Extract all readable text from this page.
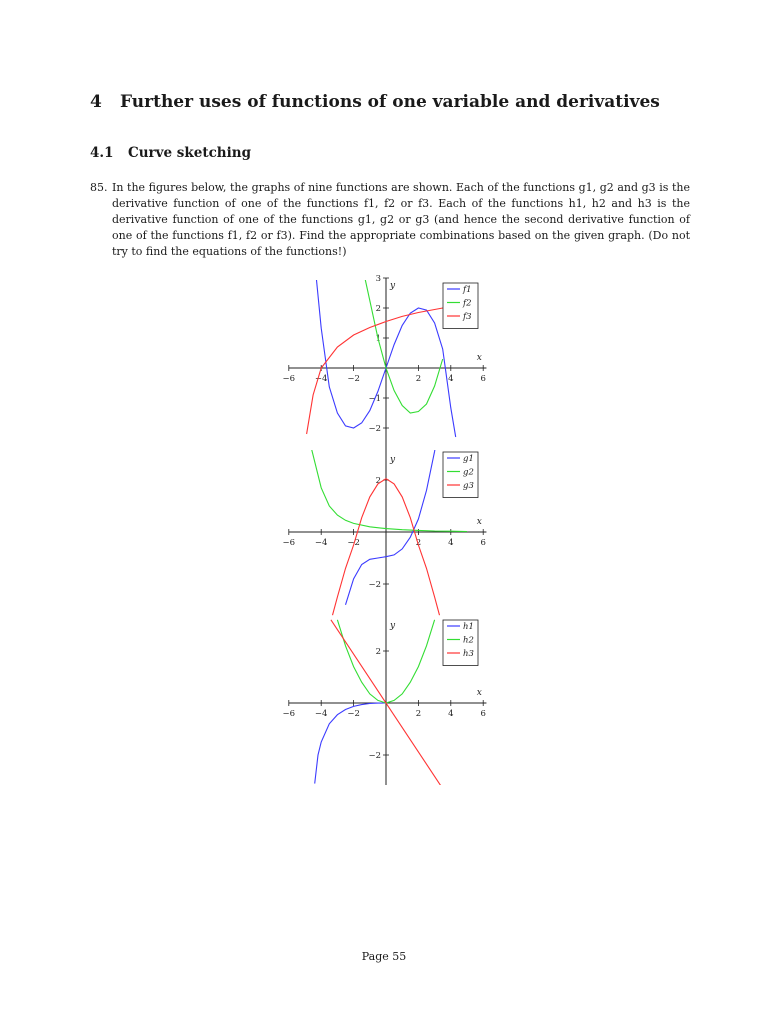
4 Further uses of functions of one variable and derivatives
4.1 Curve sketching
85. In the figures below, the graphs of nine functions are shown. Each of the functions g1, g2 and g3 is the derivative function of one of the functions f1, f2 or f3. Each of the functions h1, h2 and h3 is the derivative function of one of the functions g1, g2 or g3 (and hence the second derivative function of one of the functions f1, f2 or f3). Find the appropriate combinations based on the given graph. (Do not try to find the equations of the functions!)
−6 −4 −2	2	4	6
3
2
1
−1
−2
x
y	f1
f2
f3
−6 −4 −2	2	4	6
2
−2
x
y	g1
g2
g3
−6 −4 −2	2	4	6
2
−2
x
y	h1
h2
h3
Page 55
